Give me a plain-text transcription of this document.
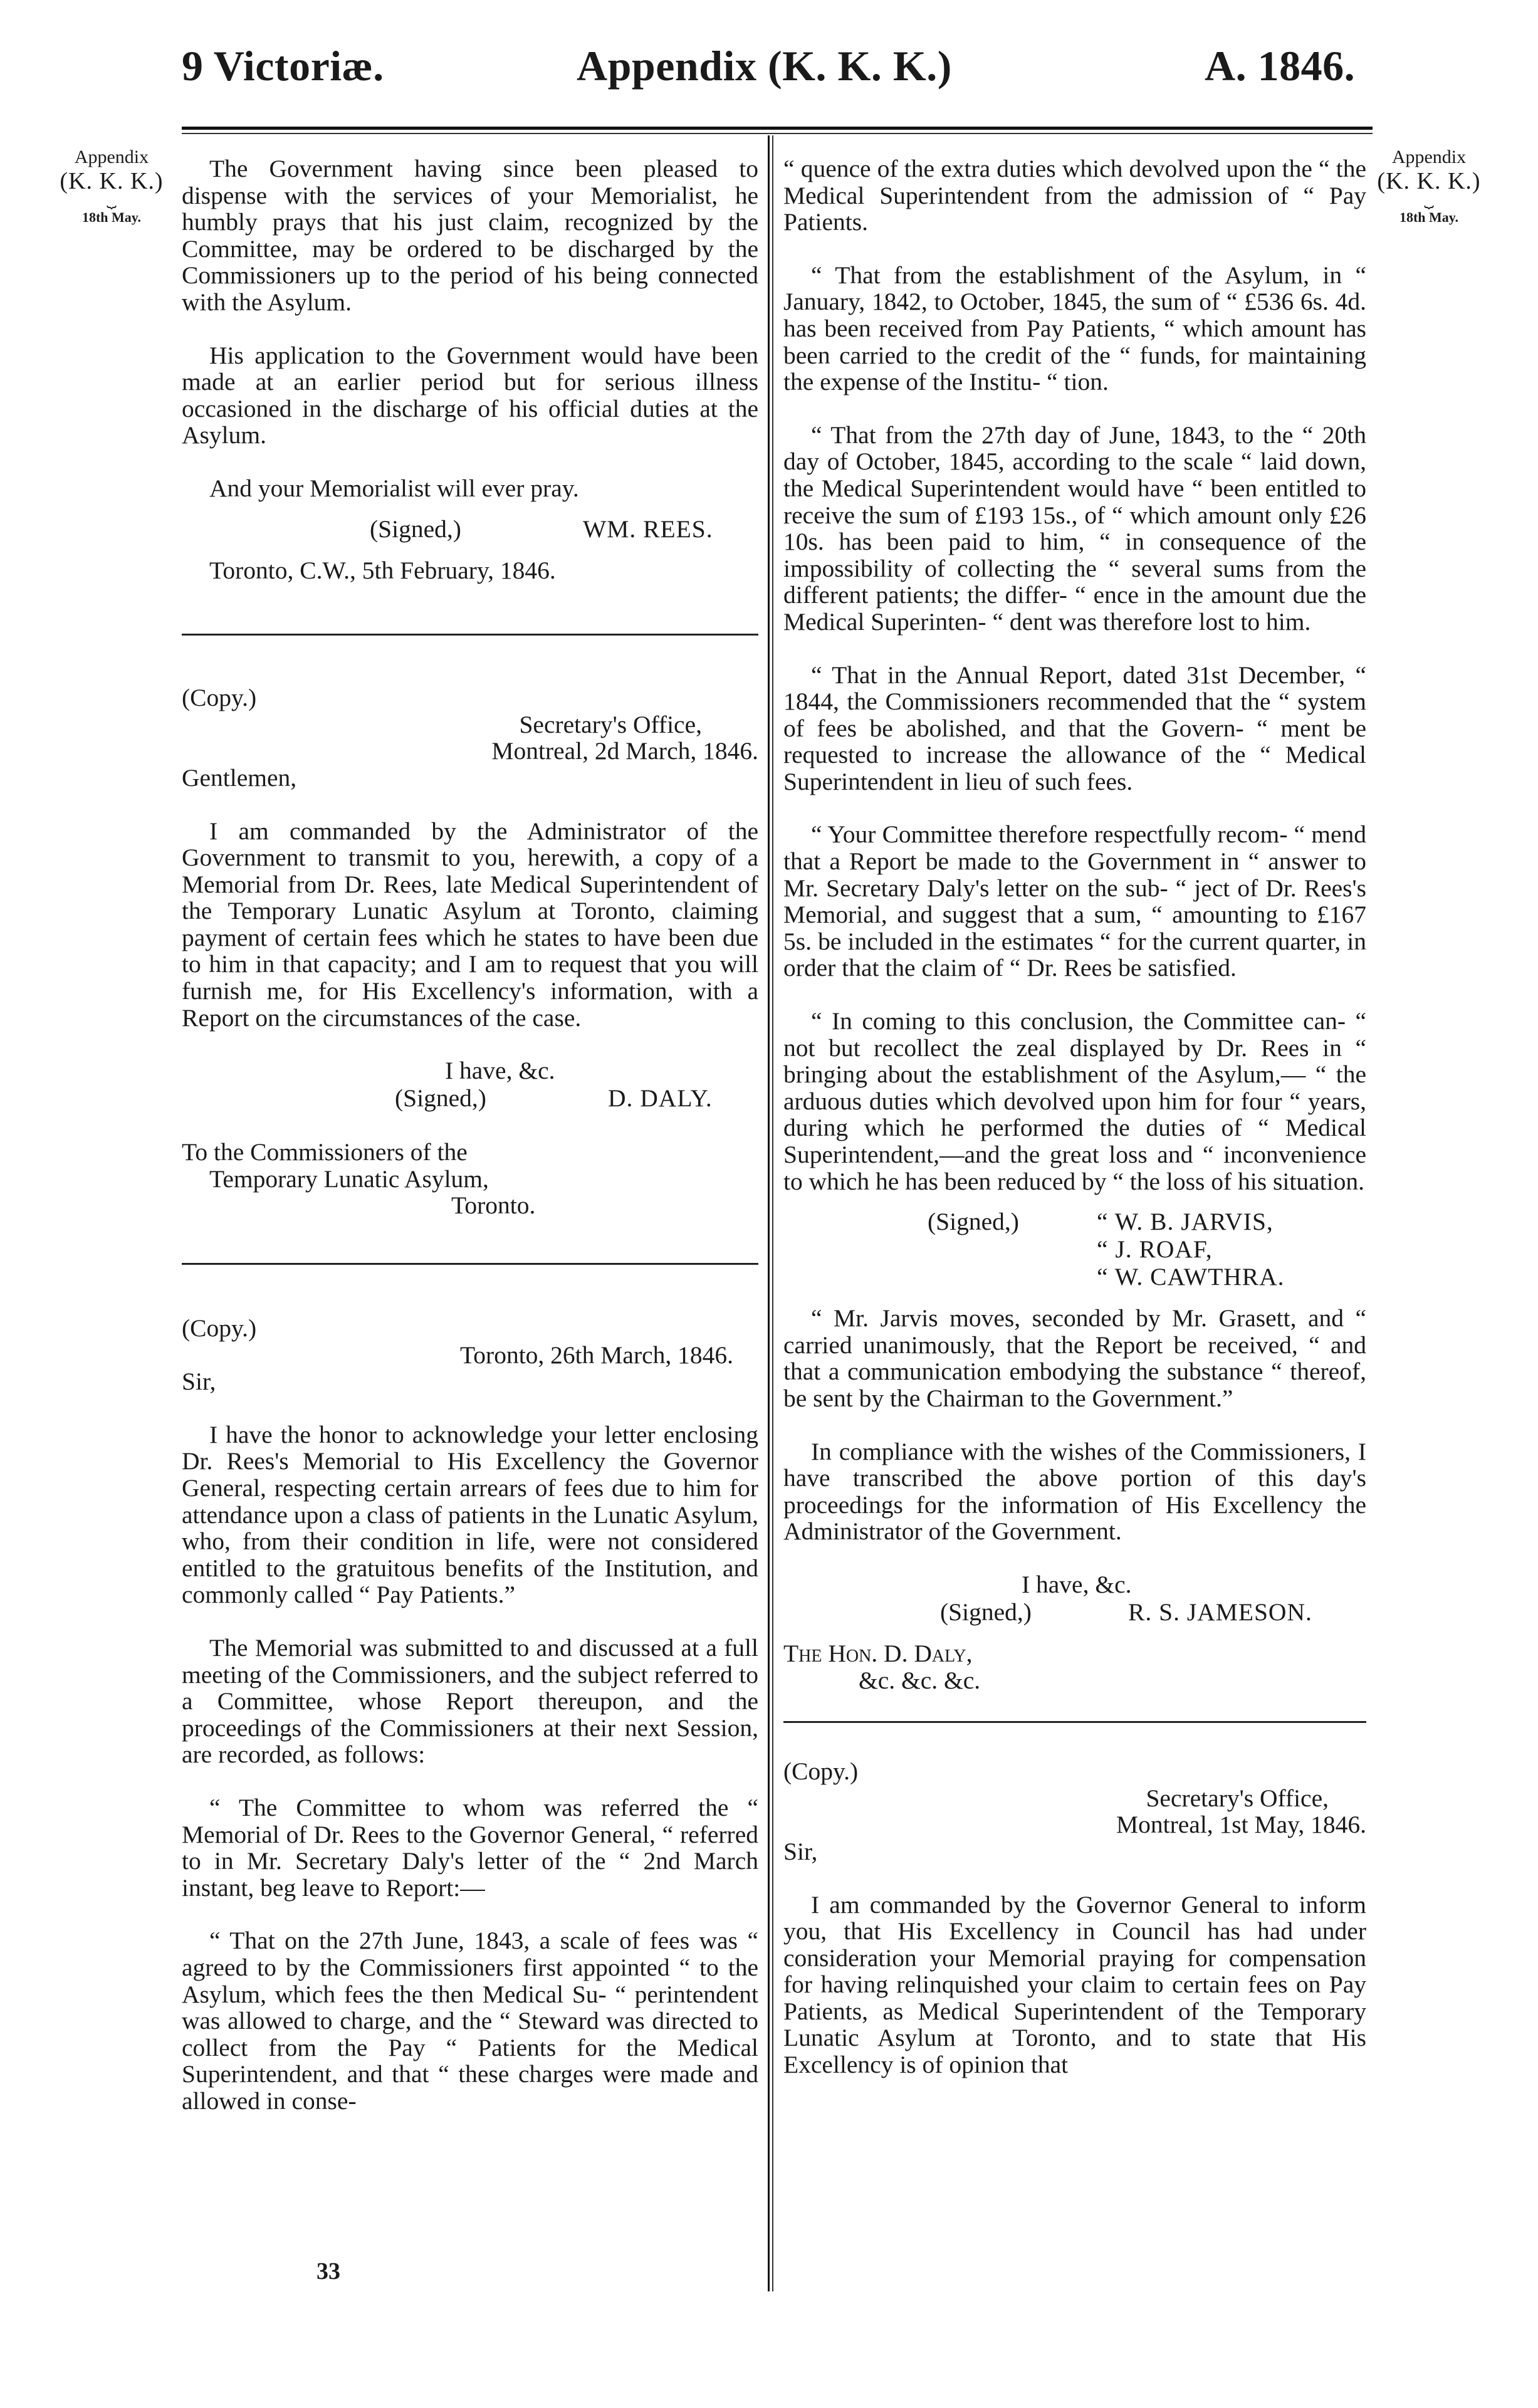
9 Victoriæ.	Appendix (K. K. K.)	A. 1846.
Appendix
(K. K. K.)
⏟
18th May.
Appendix
(K. K. K.)
⏟
18th May.

The Government having since been pleased to dispense with the services of your Memorialist, he humbly prays that his just claim, recognized by the Committee, may be ordered to be discharged by the Commissioners up to the period of his being connected with the Asylum.

His application to the Government would have been made at an earlier period but for serious illness occasioned in the discharge of his official duties at the Asylum.

And your Memorialist will ever pray.

(Signed,)	WM. REES.

Toronto, C.W., 5th February, 1846.

(Copy.)

Secretary's Office,
Montreal, 2d March, 1846.

Gentlemen,

I am commanded by the Administrator of the Government to transmit to you, herewith, a copy of a Memorial from Dr. Rees, late Medical Superintendent of the Temporary Lunatic Asylum at Toronto, claiming payment of certain fees which he states to have been due to him in that capacity; and I am to request that you will furnish me, for His Excellency's information, with a Report on the circumstances of the case.

I have, &c.
(Signed,)	D. DALY.

To the Commissioners of the

Temporary Lunatic Asylum,

Toronto.

(Copy.)

Toronto, 26th March, 1846.

Sir,

I have the honor to acknowledge your letter enclosing Dr. Rees's Memorial to His Excellency the Governor General, respecting certain arrears of fees due to him for attendance upon a class of patients in the Lunatic Asylum, who, from their condition in life, were not considered entitled to the gratuitous benefits of the Institution, and commonly called “ Pay Patients.”

The Memorial was submitted to and discussed at a full meeting of the Commissioners, and the subject referred to a Committee, whose Report thereupon, and the proceedings of the Commissioners at their next Session, are recorded, as follows:

“ The Committee to whom was referred the “ Memorial of Dr. Rees to the Governor General, “ referred to in Mr. Secretary Daly's letter of the “ 2nd March instant, beg leave to Report:—

“ That on the 27th June, 1843, a scale of fees was “ agreed to by the Commissioners first appointed “ to the Asylum, which fees the then Medical Su- “ perintendent was allowed to charge, and the “ Steward was directed to collect from the Pay “ Patients for the Medical Superintendent, and that “ these charges were made and allowed in conse-

“ quence of the extra duties which devolved upon the “ the Medical Superintendent from the admission of “ Pay Patients.

“ That from the establishment of the Asylum, in “ January, 1842, to October, 1845, the sum of “ £536 6s. 4d. has been received from Pay Patients, “ which amount has been carried to the credit of the “ funds, for maintaining the expense of the Institu- “ tion.

“ That from the 27th day of June, 1843, to the “ 20th day of October, 1845, according to the scale “ laid down, the Medical Superintendent would have “ been entitled to receive the sum of £193 15s., of “ which amount only £26 10s. has been paid to him, “ in consequence of the impossibility of collecting the “ several sums from the different patients; the differ- “ ence in the amount due the Medical Superinten- “ dent was therefore lost to him.

“ That in the Annual Report, dated 31st December, “ 1844, the Commissioners recommended that the “ system of fees be abolished, and that the Govern- “ ment be requested to increase the allowance of the “ Medical Superintendent in lieu of such fees.

“ Your Committee therefore respectfully recom- “ mend that a Report be made to the Government in “ answer to Mr. Secretary Daly's letter on the sub- “ ject of Dr. Rees's Memorial, and suggest that a sum, “ amounting to £167 5s. be included in the estimates “ for the current quarter, in order that the claim of “ Dr. Rees be satisfied.

“ In coming to this conclusion, the Committee can- “ not but recollect the zeal displayed by Dr. Rees in “ bringing about the establishment of the Asylum,— “ the arduous duties which devolved upon him for four “ years, during which he performed the duties of “ Medical Superintendent,—and the great loss and “ inconvenience to which he has been reduced by “ the loss of his situation.

(Signed,)	“ W. B. JARVIS,
“ J. ROAF,
“ W. CAWTHRA.

“ Mr. Jarvis moves, seconded by Mr. Grasett, and “ carried unanimously, that the Report be received, “ and that a communication embodying the substance “ thereof, be sent by the Chairman to the Government.”

In compliance with the wishes of the Commissioners, I have transcribed the above portion of this day's proceedings for the information of His Excellency the Administrator of the Government.

I have, &c.
(Signed,)	R. S. JAMESON.

The Hon. D. Daly,

&c. &c. &c.

(Copy.)

Secretary's Office,
Montreal, 1st May, 1846.

Sir,

I am commanded by the Governor General to inform you, that His Excellency in Council has had under consideration your Memorial praying for compensation for having relinquished your claim to certain fees on Pay Patients, as Medical Superintendent of the Temporary Lunatic Asylum at Toronto, and to state that His Excellency is of opinion that

33
